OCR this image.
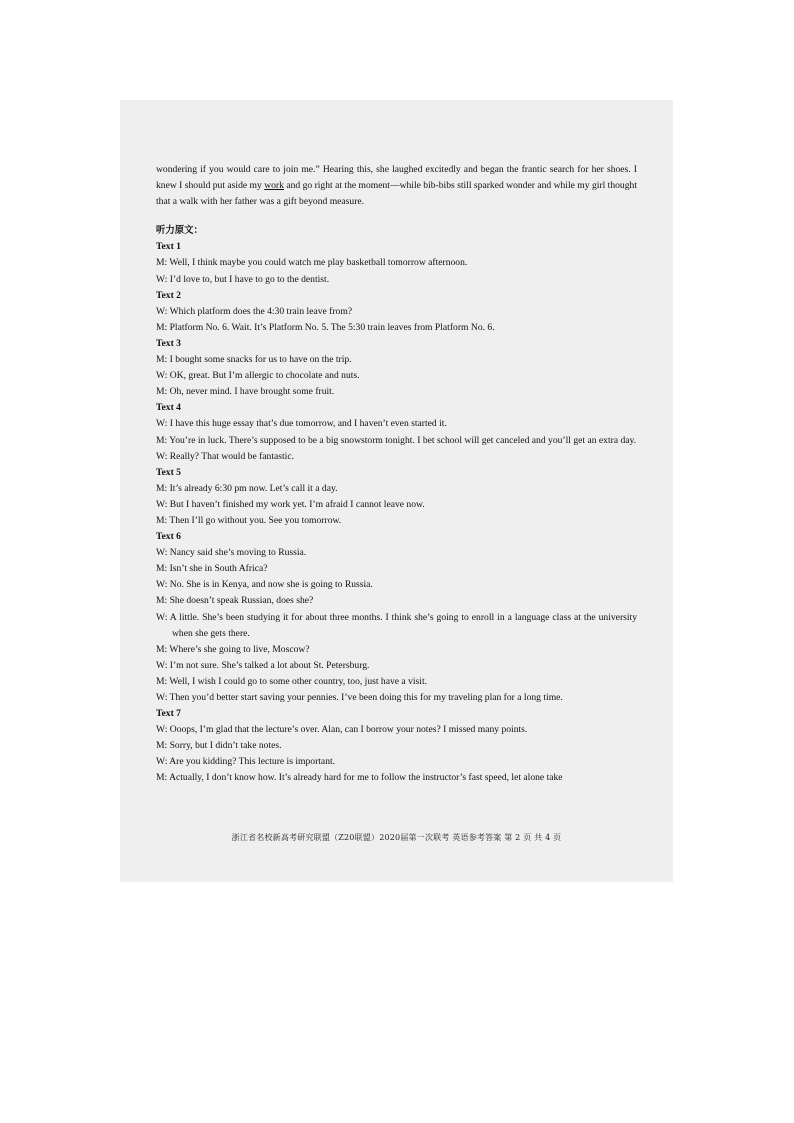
wondering if you would care to join me.” Hearing this, she laughed excitedly and began the frantic search for her shoes. I knew I should put aside my work and go right at the moment—while bib-bibs still sparked wonder and while my girl thought that a walk with her father was a gift beyond measure.

听力原文：
Text 1
M: Well, I think maybe you could watch me play basketball tomorrow afternoon.
W: I’d love to, but I have to go to the dentist.
Text 2
W: Which platform does the 4:30 train leave from?
M: Platform No. 6. Wait. It’s Platform No. 5. The 5:30 train leaves from Platform No. 6.
Text 3
M: I bought some snacks for us to have on the trip.
W: OK, great. But I’m allergic to chocolate and nuts.
M: Oh, never mind. I have brought some fruit.
Text 4
W: I have this huge essay that’s due tomorrow, and I haven’t even started it.
M: You’re in luck. There’s supposed to be a big snowstorm tonight. I bet school will get canceled and you’ll get an extra day.
W: Really? That would be fantastic.
Text 5
M: It’s already 6:30 pm now. Let’s call it a day.
W: But I haven’t finished my work yet. I’m afraid I cannot leave now.
M: Then I’ll go without you. See you tomorrow.
Text 6
W: Nancy said she’s moving to Russia.
M: Isn’t she in South Africa?
W: No. She is in Kenya, and now she is going to Russia.
M: She doesn’t speak Russian, does she?
W: A little. She’s been studying it for about three months. I think she’s going to enroll in a language class at the university when she gets there.
M: Where’s she going to live, Moscow?
W: I’m not sure. She’s talked a lot about St. Petersburg.
M: Well, I wish I could go to some other country, too, just have a visit.
W: Then you’d better start saving your pennies. I’ve been doing this for my traveling plan for a long time.
Text 7
W: Ooops, I’m glad that the lecture’s over. Alan, can I borrow your notes? I missed many points.
M: Sorry, but I didn’t take notes.
W: Are you kidding? This lecture is important.
M: Actually, I don’t know how. It’s already hard for me to follow the instructor’s fast speed, let alone take
浙江省名校新高考研究联盟（Z20联盟）2020届第一次联考 英语参考答案 第 2 页 共 4 页
